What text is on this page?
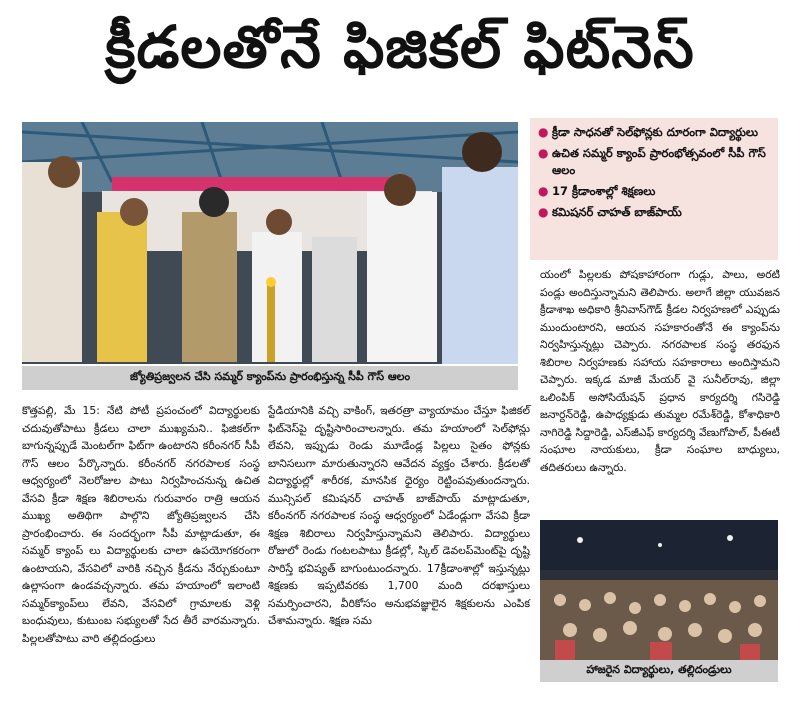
క్రీడలతోనే ఫిజికల్ ఫిట్‌నెస్
జ్యోతిప్రజ్వలన చేసి సమ్మర్ క్యాంప్‌ను ప్రారంభిస్తున్న సీపీ గౌస్ ఆలం
● క్రీడా సాధనతో సెల్‌ఫోన్లకు దూరంగా విద్యార్థులు
● ఉచిత సమ్మర్ క్యాంప్ ప్రారంభోత్సవంలో సీపీ గౌస్ ఆలం
● 17 క్రీడాంశాల్లో శిక్షణలు
● కమిషనర్ చాహత్ బాజ్‌పాయ్

కొత్తపల్లి, మే 15: నేటి పోటీ ప్రపంచంలో విద్యార్థులకు చదువుతోపాటు క్రీడలు చాలా ముఖ్యమని.. ఫిజికల్‌గా బాగున్నప్పుడే మెంటల్‌గా ఫిట్‌గా ఉంటారని కరీంనగర్ సీపీ గౌస్ ఆలం పేర్కొన్నారు. కరీంనగర్ నగరపాలక సంస్థ ఆధ్వర్యంలో నెలరోజుల పాటు నిర్వహించనున్న ఉచిత వేసవి క్రీడా శిక్షణ శిబిరాలను గురువారం రాత్రి ఆయన ముఖ్య అతిథిగా పాల్గొని జ్యోతిప్రజ్వలన చేసి ప్రారంభించారు. ఈ సందర్భంగా సీపీ మాట్లాడుతూ, ఈ సమ్మర్ క్యాంప్ లు విద్యార్థులకు చాలా ఉపయోగకరంగా ఉంటాయని, వేసవిలో వారికి నచ్చిన క్రీడను నేర్చుకుంటూ ఉల్లాసంగా ఉండవచ్చన్నారు. తమ హయాంలో ఇలాంటి సమ్మర్‌క్యాంప్‌లు లేవని, వేసవిలో గ్రామాలకు వెళ్లి బంధువులు, కుటుంబ సభ్యులతో సేద తీరే వారమన్నారు. పిల్లలతోపాటు వారి తల్లిదండ్రులు

స్టేడియానికి వచ్చి వాకింగ్, ఇతరత్రా వ్యాయామం చేస్తూ ఫిజికల్ ఫిట్‌నెస్‌పై దృష్టిసారించాలన్నారు. తమ హయాంలో సెల్‌ఫోన్లు లేవని, ఇప్పుడు రెండు మూడేండ్ల పిల్లలు సైతం ఫోన్లకు బానిసలుగా మారుతున్నారని ఆవేదన వ్యక్తం చేశారు. క్రీడలతో విద్యార్థుల్లో శారీరక, మానసిక ధైర్యం రెట్టింపవుతుందన్నారు. మున్సిపల్ కమిషనర్ చాహత్ బాజ్‌పాయ్ మాట్లాడుతూ, కరీంనగర్ నగరపాలక సంస్థ ఆధ్వర్యంలో ఏడేండ్లుగా వేసవి క్రీడా శిక్షణ శిబిరాలు నిర్వహిస్తున్నామని తెలిపారు. విద్యార్థులు రోజులో రెండు గంటలపాటు క్రీడల్లో, స్కిల్ డెవలప్‌మెంట్‌పై దృష్టి సారిస్తే భవిష్యత్ బాగుంటుందన్నారు. 17క్రీడాంశాల్లో ఇస్తున్నట్లు శిక్షణకు ఇప్పటివరకు 1,700 మంది దరఖాస్తులు సమర్పించారని, వీరికోసం అనుభవజ్ఞులైన శిక్షకులను ఎంపిక చేశామన్నారు. శిక్షణ సమ

యంలో పిల్లలకు పోషకాహారంగా గుడ్లు, పాలు, అరటి పండ్లు అందిస్తున్నామని తెలిపారు. అలాగే జిల్లా యువజన క్రీడాశాఖ అధికారి శ్రీనివాస్‌గౌడ్ క్రీడల నిర్వహణలో ఎప్పుడు ముందుంటారని, ఆయన సహకారంతోనే ఈ క్యాంప్‌ను నిర్వహిస్తున్నట్లు చెప్పారు. నగరపాలక సంస్థ తరఫున శిబిరాల నిర్వహణకు సహాయ సహకారాలు అందిస్తామని చెప్పారు. ఇక్కడ మాజీ మేయర్ వై సునీల్‌రావు, జిల్లా ఒలింపిక్ అసోసియేషన్ ప్రధాన కార్యదర్శి గసిరెడ్డి జనార్దన్‌రెడ్డి, ఉపాధ్యక్షుడు తుమ్మల రమేశ్‌రెడ్డి, కోశాధికారి నాగిరెడ్డి సిద్దారెడ్డి, ఎస్‌జీఎఫ్ కార్యదర్శి వేణుగోపాల్, పీఈటీ సంఘాల నాయకులు, క్రీడా సంఘాల బాధ్యులు, తదితరులు ఉన్నారు.

హాజరైన విద్యార్థులు, తల్లిదండ్రులు
